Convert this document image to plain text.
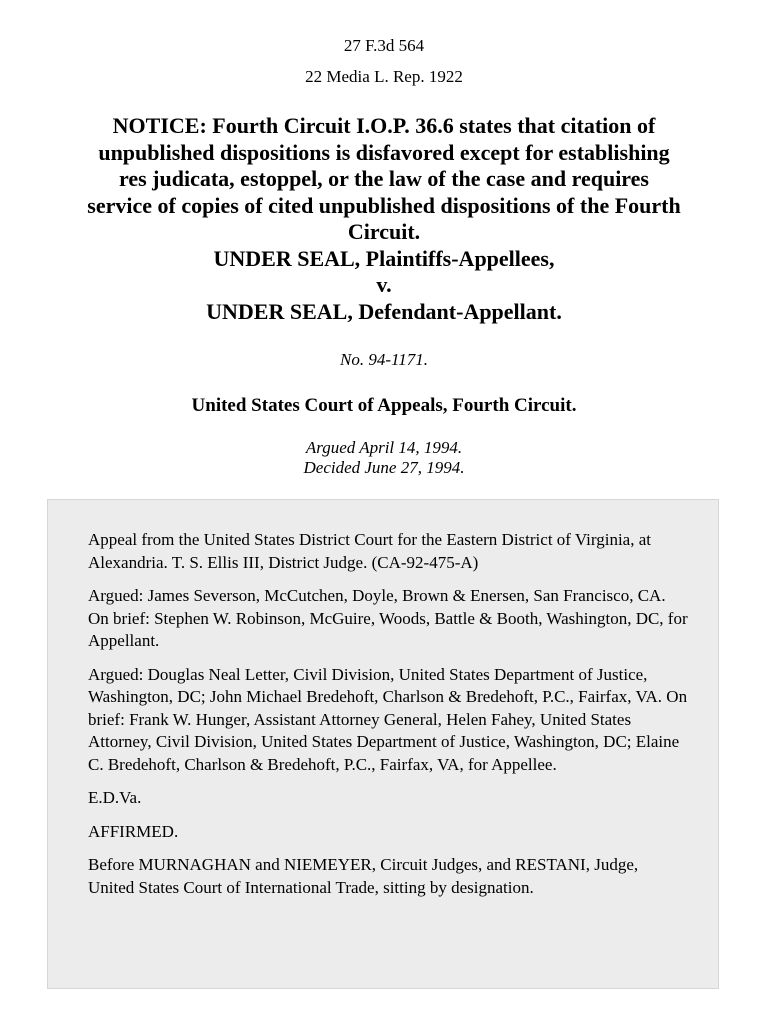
27 F.3d 564
22 Media L. Rep. 1922
NOTICE: Fourth Circuit I.O.P. 36.6 states that citation of
unpublished dispositions is disfavored except for establishing
res judicata, estoppel, or the law of the case and requires
service of copies of cited unpublished dispositions of the Fourth
Circuit.
UNDER SEAL, Plaintiffs-Appellees,
v.
UNDER SEAL, Defendant-Appellant.
No. 94-1171.
United States Court of Appeals, Fourth Circuit.
Argued April 14, 1994.
Decided June 27, 1994.

Appeal from the United States District Court for the Eastern District of Virginia, at Alexandria. T. S. Ellis III, District Judge. (CA-92-475-A)

Argued: James Severson, McCutchen, Doyle, Brown & Enersen, San Francisco, CA. On brief: Stephen W. Robinson, McGuire, Woods, Battle & Booth, Washington, DC, for Appellant.

Argued: Douglas Neal Letter, Civil Division, United States Department of Justice, Washington, DC; John Michael Bredehoft, Charlson & Bredehoft, P.C., Fairfax, VA. On brief: Frank W. Hunger, Assistant Attorney General, Helen Fahey, United States Attorney, Civil Division, United States Department of Justice, Washington, DC; Elaine C. Bredehoft, Charlson & Bredehoft, P.C., Fairfax, VA, for Appellee.

E.D.Va.

AFFIRMED.

Before MURNAGHAN and NIEMEYER, Circuit Judges, and RESTANI, Judge, United States Court of International Trade, sitting by designation.
